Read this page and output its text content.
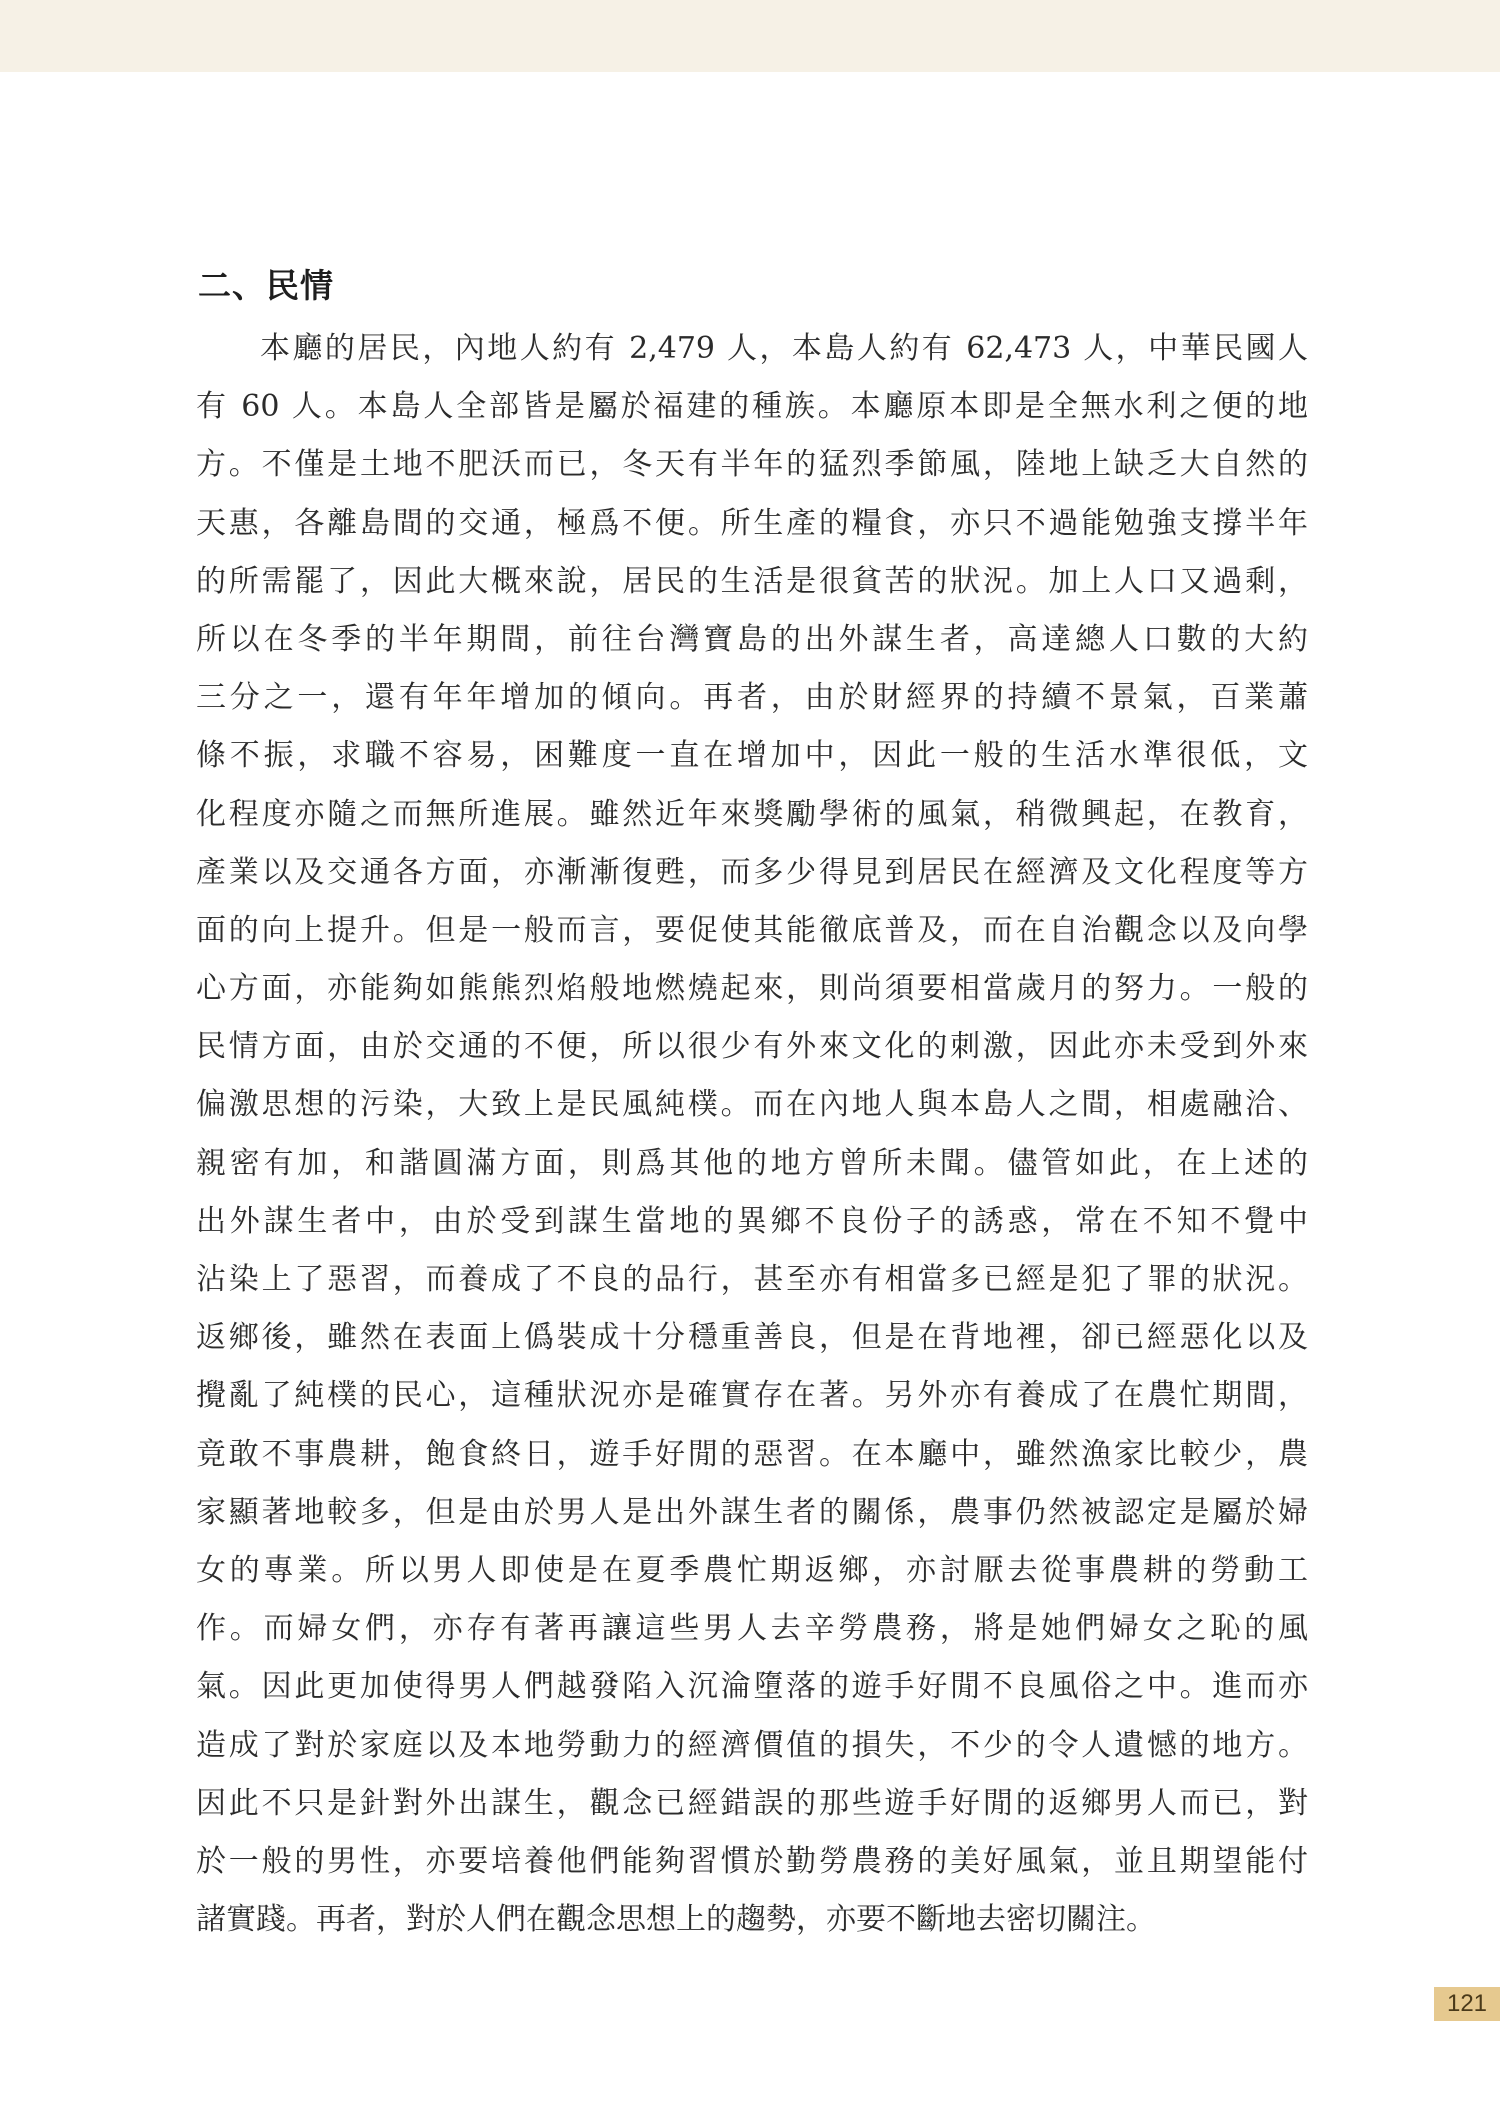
二、民情
本廳的居民，內地人約有 2,479 人，本島人約有 62,473 人，中華民國人
有 60 人。本島人全部皆是屬於福建的種族。本廳原本即是全無水利之便的地
方。不僅是土地不肥沃而已，冬天有半年的猛烈季節風，陸地上缺乏大自然的
天惠，各離島間的交通，極爲不便。所生產的糧食，亦只不過能勉強支撐半年
的所需罷了，因此大概來說，居民的生活是很貧苦的狀況。加上人口又過剩，
所以在冬季的半年期間，前往台灣寶島的出外謀生者，高達總人口數的大約
三分之一，還有年年增加的傾向。再者，由於財經界的持續不景氣，百業蕭
條不振，求職不容易，困難度一直在增加中，因此一般的生活水準很低，文
化程度亦隨之而無所進展。雖然近年來獎勵學術的風氣，稍微興起，在教育，
產業以及交通各方面，亦漸漸復甦，而多少得見到居民在經濟及文化程度等方
面的向上提升。但是一般而言，要促使其能徹底普及，而在自治觀念以及向學
心方面，亦能夠如熊熊烈焰般地燃燒起來，則尚須要相當歲月的努力。一般的
民情方面，由於交通的不便，所以很少有外來文化的刺激，因此亦未受到外來
偏激思想的污染，大致上是民風純樸。而在內地人與本島人之間，相處融洽、
親密有加，和諧圓滿方面，則爲其他的地方曾所未聞。儘管如此，在上述的
出外謀生者中，由於受到謀生當地的異鄉不良份子的誘惑，常在不知不覺中
沾染上了惡習，而養成了不良的品行，甚至亦有相當多已經是犯了罪的狀況。
返鄉後，雖然在表面上僞裝成十分穩重善良，但是在背地裡，卻已經惡化以及
攪亂了純樸的民心，這種狀況亦是確實存在著。另外亦有養成了在農忙期間，
竟敢不事農耕，飽食終日，遊手好閒的惡習。在本廳中，雖然漁家比較少，農
家顯著地較多，但是由於男人是出外謀生者的關係，農事仍然被認定是屬於婦
女的專業。所以男人即使是在夏季農忙期返鄉，亦討厭去從事農耕的勞動工
作。而婦女們，亦存有著再讓這些男人去辛勞農務，將是她們婦女之恥的風
氣。因此更加使得男人們越發陷入沉淪墮落的遊手好閒不良風俗之中。進而亦
造成了對於家庭以及本地勞動力的經濟價值的損失，不少的令人遺憾的地方。
因此不只是針對外出謀生，觀念已經錯誤的那些遊手好閒的返鄉男人而已，對
於一般的男性，亦要培養他們能夠習慣於勤勞農務的美好風氣，並且期望能付
諸實踐。再者，對於人們在觀念思想上的趨勢，亦要不斷地去密切關注。
121
